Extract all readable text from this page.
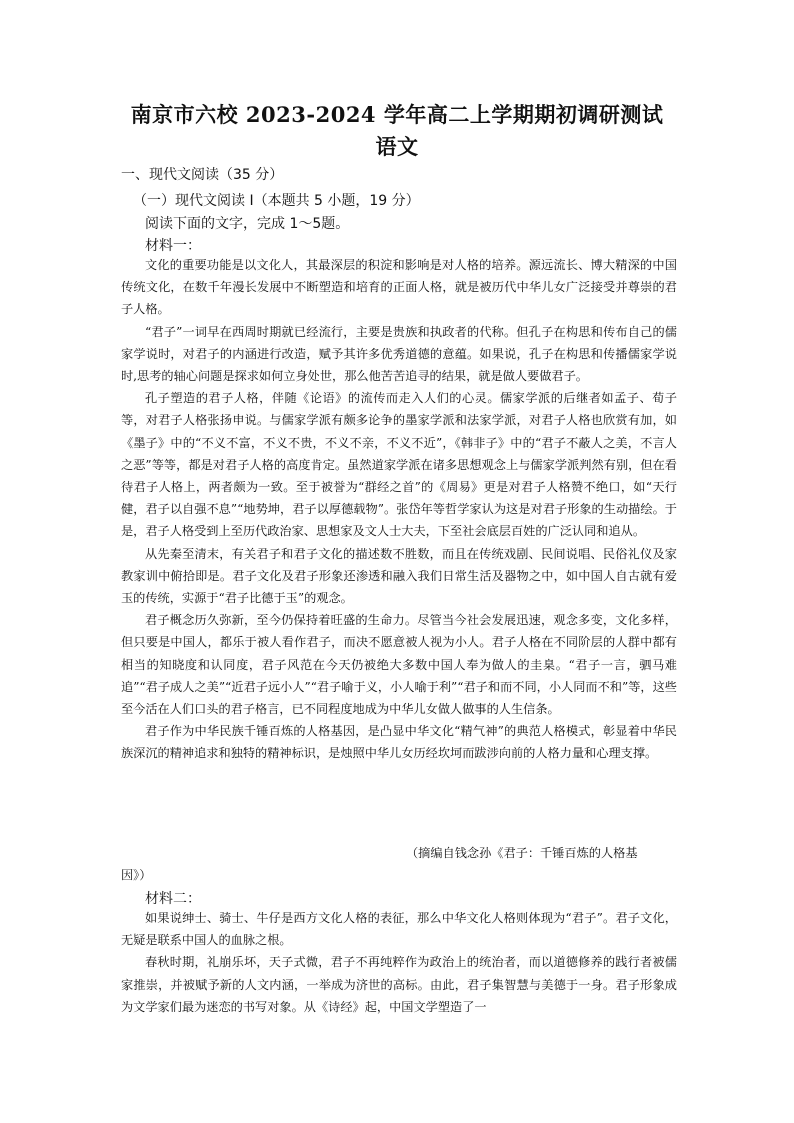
南京市六校 2023-2024 学年高二上学期期初调研测试
语文
一、现代文阅读（35 分）
（一）现代文阅读 I（本题共 5 小题，19 分）
阅读下面的文字，完成 1～5题。
材料一：

文化的重要功能是以文化人，其最深层的积淀和影响是对人格的培养。源远流长、博大精深的中国传统文化，在数千年漫长发展中不断塑造和培育的正面人格，就是被历代中华儿女广泛接受并尊崇的君子人格。

“君子”一词早在西周时期就已经流行，主要是贵族和执政者的代称。但孔子在构思和传布自己的儒家学说时，对君子的内涵进行改造，赋予其许多优秀道德的意蕴。如果说，孔子在构思和传播儒家学说时,思考的轴心问题是探求如何立身处世，那么他苦苦追寻的结果，就是做人要做君子。

孔子塑造的君子人格，伴随《论语》的流传而走入人们的心灵。儒家学派的后继者如孟子、荀子等，对君子人格张扬申说。与儒家学派有颇多论争的墨家学派和法家学派，对君子人格也欣赏有加，如《墨子》中的“不义不富，不义不贵，不义不亲，不义不近”，《韩非子》中的“君子不蔽人之美，不言人之恶”等等，都是对君子人格的高度肯定。虽然道家学派在诸多思想观念上与儒家学派判然有别，但在看待君子人格上，两者颇为一致。至于被誉为“群经之首”的《周易》更是对君子人格赞不绝口，如“天行健，君子以自强不息”“地势坤，君子以厚德载物”。张岱年等哲学家认为这是对君子形象的生动描绘。于是，君子人格受到上至历代政治家、思想家及文人士大夫，下至社会底层百姓的广泛认同和追从。

从先秦至清末，有关君子和君子文化的描述数不胜数，而且在传统戏剧、民间说唱、民俗礼仪及家教家训中俯拾即是。君子文化及君子形象还渗透和融入我们日常生活及器物之中，如中国人自古就有爱玉的传统，实源于“君子比德于玉”的观念。

君子概念历久弥新，至今仍保持着旺盛的生命力。尽管当今社会发展迅速，观念多变，文化多样，但只要是中国人，都乐于被人看作君子，而决不愿意被人视为小人。君子人格在不同阶层的人群中都有相当的知晓度和认同度，君子风范在今天仍被绝大多数中国人奉为做人的圭臬。“君子一言，驷马难追”“君子成人之美”“近君子远小人”“君子喻于义，小人喻于利”“君子和而不同，小人同而不和”等，这些至今活在人们口头的君子格言，已不同程度地成为中华儿女做人做事的人生信条。

君子作为中华民族千锤百炼的人格基因，是凸显中华文化“精气神”的典范人格模式，彰显着中华民族深沉的精神追求和独特的精神标识，是烛照中华儿女历经坎坷而跋涉向前的人格力量和心理支撑。

（摘编自钱念孙《君子：千锤百炼的人格基
因》）
材料二：

如果说绅士、骑士、牛仔是西方文化人格的表征，那么中华文化人格则体现为“君子”。君子文化，无疑是联系中国人的血脉之根。

春秋时期，礼崩乐坏，天子式微，君子不再纯粹作为政治上的统治者，而以道德修养的践行者被儒家推崇，并被赋予新的人文内涵，一举成为济世的高标。由此，君子集智慧与美德于一身。君子形象成为文学家们最为迷恋的书写对象。从《诗经》起，中国文学塑造了一
